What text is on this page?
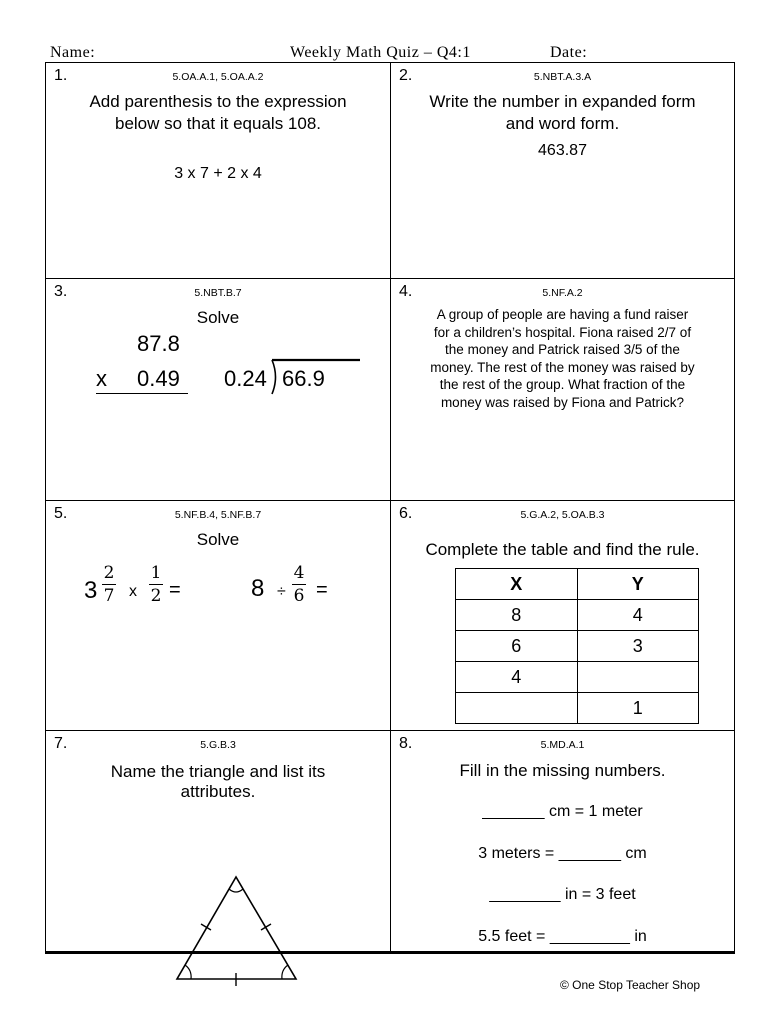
Name:	Weekly Math Quiz – Q4:1	Date:
1.	5.OA.A.1, 5.OA.A.2
Add parenthesis to the expression
below so that it equals 108.
3 x 7 + 2 x 4
2.	5.NBT.A.3.A
Write the number in expanded form
and word form.
463.87
3.	5.NBT.B.7
Solve
87.8
x 0.49 0.24 66.9
4.	5.NF.A.2
A group of people are having a fund raiser
for a children’s hospital. Fiona raised 2/7 of
the money and Patrick raised 3/5 of the
money. The rest of the money was raised by
the rest of the group. What fraction of the
money was raised by Fiona and Patrick?
5.	5.NF.B.4, 5.NF.B.7
Solve
3
2
7 x
1
2 =	8 ÷
4
6 =
6.	5.G.A.2, 5.OA.B.3
Complete the table and find the rule.
7.	5.G.B.3
Name the triangle and list its
attributes.
8.	5.MD.A.1
Fill in the missing numbers.
_______ cm = 1 meter
3 meters = _______ cm
________ in = 3 feet
5.5 feet = _________ in
X	Y
8	4
6	3
4	
	1
© One Stop Teacher Shop
